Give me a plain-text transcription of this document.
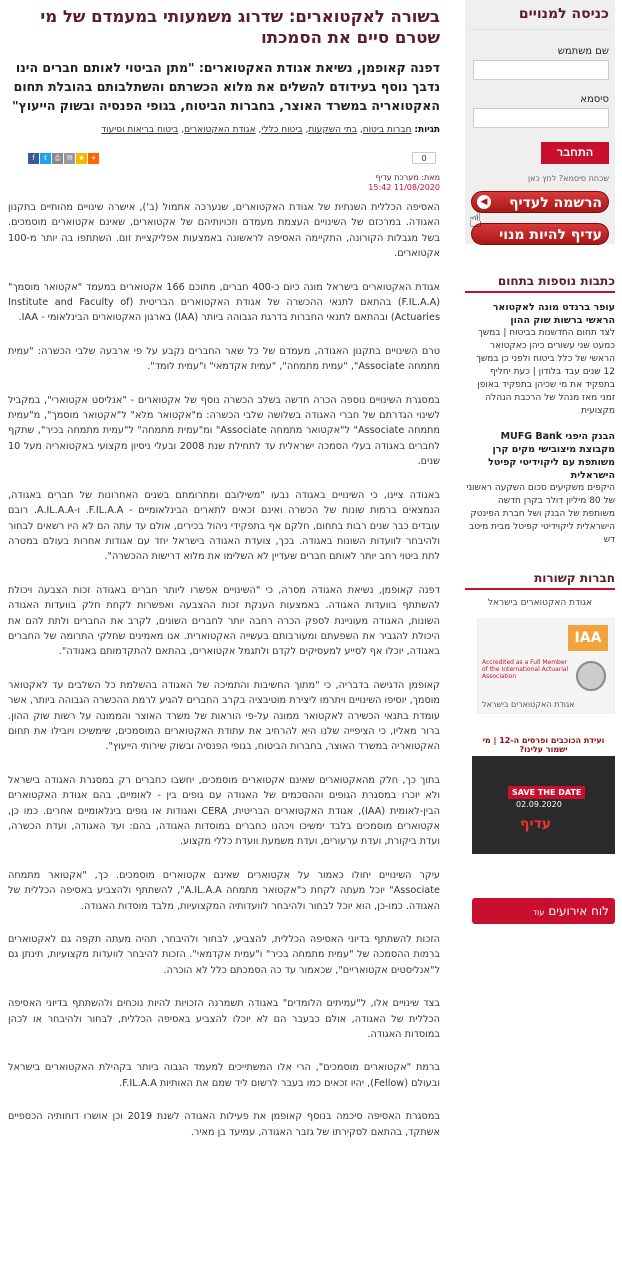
כניסה למנויים
שם משתמש
סיסמא
התחבר
שכחת סיסמא? לחץ כאן
הרשמה לעדיף
◀
עדיף להיות מנוי
☝
כתבות נוספות בתחום
עופר ברנדט מונה לאקטואר הראשי ברשות שוק ההון
לצד תחום החדשנות בביטוח | במשך כמעט שני עשורים כיהן כאקטואר הראשי של כלל ביטוח ולפני כן במשך 12 שנים עבד בלודון | כעת יחליף בתפקיד את מי שכיהן בתפקיד באופן זמני מאז מנהל של הרכבת הנהלה מקצועית
הבנק היפני MUFG Bank מקבוצת מיצובישי מקים קרן משותפת עם ליקוידיטי קפיטל הישראלית
היקפים משקיעים סכום השקעה ראשוני של 80 מיליון דולר בקרן חדשה משותפת של הבנק ושל חברת הפינטק הישראלית ליקוידיטי קפיטל מבית מיטב דש
חברות קשורות
אגודת האקטוארים בישראל
IAA
Accredited as a Full Member of the International Actuarial Association
אגודת האקטוארים בישראל
ועידת הכוכבים ופרסים ה-12 | מי ישמור עלינו?
SAVE THE DATE
02.09.2020
עדיף
לוח אירועיםעוד
בשורה לאקטוארים: שדרוג משמעותי במעמדם של מי שטרם סיים את הסמכתו
דפנה קאופמן, נשיאת אגודת האקטוארים: "מתן הביטוי לאותם חברים הינו נדבך נוסף בעידודם להשלים את מלוא הכשרתם והשתלבותם בהובלת תחום האקטואריה במשרד האוצר, בחברות הביטוח, בגופי הפנסיה ובשוק הייעוץ"
תגיות: חברות ביטוח, בתי השקעות, ביטוח כללי, אגודת האקטוארים, ביטוח בריאות וסיעוד
0
f	t	⎙ ✉ ★ +
מאת: מערכת עדיף
11/08/2020 15:42

האסיפה הכללית השנתית של אגודת האקטוארים, שנערכה אתמול (ב'), אישרה שינויים מהותיים בתקנון האגודה. במרכזם של השינויים העצמת מעמדם וזכויותיהם של אקטוארים, שאינם אקטוארים מוסמכים. בשל מגבלות הקורונה, התקיימה האסיפה לראשונה באמצעות אפליקציית זום. השתתפו בה יותר מ-100 אקטוארים.

אגודת האקטוארים בישראל מונה כיום כ-400 חברים, מתוכם 166 אקטוארים במעמד "אקטואר מוסמך" (F.IL.A.A) בהתאם לתנאי ההכשרה של אגודת האקטוארים הבריטית (Institute and Faculty of Actuaries) ובהתאם לתנאי החברות בדרגת הגבוהה ביותר (IAA) בארגון האקטוארים הבינלאומי - IAA.

טרם השינויים בתקנון האגודה, מעמדם של כל שאר החברים נקבע על פי ארבעה שלבי הכשרה: "עמית מתמחה Associate", "עמית מתמחה", "עמית אקדמאי" ו"עמית לומד".

במסגרת השינויים נוספה הכרה חדשה בשלב הכשרה נוסף של אקטוארים - "אנליסט אקטוארי", במקביל לשינוי הגדרתם של חברי האגודה בשלושה שלבי הכשרה: מ"אקטואר מלא" ל"אקטואר מוסמך", מ"עמית מתמחה Associate" ל"אקטואר מתמחה Associate" ומ"עמית מתמחה" ל"עמית מתמחה בכיר", שתקף לחברים באגודה בעלי הסמכה ישראלית עד לתחילת שנת 2008 ובעלי ניסיון מקצועי באקטואריה מעל 10 שנים.

באגודה ציינו, כי השינויים באגודה נבעו "משילובם ומתרומתם בשנים האחרונות של חברים באגודה, הנמצאים ברמות שונות של הכשרה ואינם זכאים לתארים הבינלאומיים - F.IL.A.A. ו-A.IL.A.A. רובם עובדים כבר שנים רבות בתחום, חלקם אף בתפקידי ניהול בכירים, אולם עד עתה הם לא היו רשאים לבחור ולהיבחר לוועדות השונות באגודה. בכך, צועדת האגודה בישראל יחד עם אגודות אחרות בעולם במטרה לתת ביטוי רחב יותר לאותם חברים שעדיין לא השלימו את מלוא דרישות ההכשרה".

דפנה קאופמן, נשיאת האגודה מסרה, כי "השינויים אפשרו ליותר חברים באגודה זכות הצבעה ויכולת להשתתף בוועדות האגודה. באמצעות הענקת זכות ההצבעה ואפשרות לקחת חלק בוועדות האגודה השונות, האגודה מעוניינת לספק הכרה רחבה יותר לחברים השונים, לקרב את החברים ולתת להם את היכולת להגביר את השפעתם ומעורבותם בעשייה האקטוארית. אנו מאמינים שחלקי התרומה של החברים באגודה, יוכלו אף לסייע למעסיקים לקדם ולתגמל אקטוארים, בהתאם להתקדמותם באגודה".

קאופמן הדגישה בדבריה, כי "מתוך החשיבות והתמיכה של האגודה בהשלמת כל השלבים עד לאקטואר מוסמך, יוסיפו השינויים ויתרמו ליצירת מוטיבציה בקרב החברים להגיע לרמת ההכשרה הגבוהה ביותר, אשר עומדת בתנאי הכשירה לאקטואר ממונה על-פי הוראות של משרד האוצר והממונה על רשות שוק ההון. ברור מאליו, כי הציפייה שלנו היא להרחיב את עתודת האקטוארים המוסמכים, שימשיכו ויובילו את תחום האקטואריה במשרד האוצר, בחברות הביטוח, בגופי הפנסיה ובשוק שירותי הייעוץ".

בתוך כך, חלק מהאקטוארים שאינם אקטוארים מוסמכים, יחשבו כחברים רק במסגרת האגודה בישראל ולא יוכרו במסגרת הגופים וההסכמים של האגודה עם גופים בין - לאומיים, בהם אגודת האקטוארים הבין-לאומית (IAA), אגודת האקטוארים הבריטית, CERA ואגודות או גופים בינלאומיים אחרים. כמו כן, אקטוארים מוסמכים בלבד ימשיכו ויכהנו כחברים במוסדות האגודה, בהם: ועד האגודה, ועדת הכשרה, ועדת ביקורת, ועדת ערעורים, ועדת משמעת וועדת כללי מקצוע.

עיקר השינויים יחולו כאמור על אקטוארים שאינם אקטוארים מוסמכים. כך, "אקטואר מתמחה Associate" יוכל מעתה לקחת כ"אקטואר מתמחה A.IL.A.A", להשתתף ולהצביע באסיפה הכללית של האגודה. כמו-כן, הוא יוכל לבחור ולהיבחר לוועדותיה המקצועיות, מלבד מוסדות האגודה.

הזכות להשתתף בדיוני האסיפה הכללית, להצביע, לבחור ולהיבחר, תהיה מעתה תקפה גם לאקטוארים ברמות ההסמכה של "עמית מתמחה בכיר" ו"עמית אקדמאי". הזכות להיבחר לוועדות מקצועיות, תינתן גם ל"אנליסטים אקטואריים", שכאמור עד כה הסמכתם כלל לא הוכרה.

בצד שינויים אלו, ל"עמיתים הלומדים" באגודה תשמרנה הזכויות להיות נוכחים ולהשתתף בדיוני האסיפה הכללית של האגודה, אולם כבעבר הם לא יוכלו להצביע באסיפה הכללית, לבחור ולהיבחר או לכהן במוסדות האגודה.

ברמת "אקטוארים מוסמכים", הרי אלו המשתייכים למעמד הגבוה ביותר בקהילת האקטוארים בישראל ובעולם (Fellow), יהיו זכאים כמו בעבר לרשום ליד שמם את האותיות F.IL.A.A.

במסגרת האסיפה סיכמה בנוסף קאופמן את פעילות האגודה לשנת 2019 וכן אושרו דוחותיה הכספיים אשתקד, בהתאם לסקירתו של גזבר האגודה, עמיעד בן מאיר.
